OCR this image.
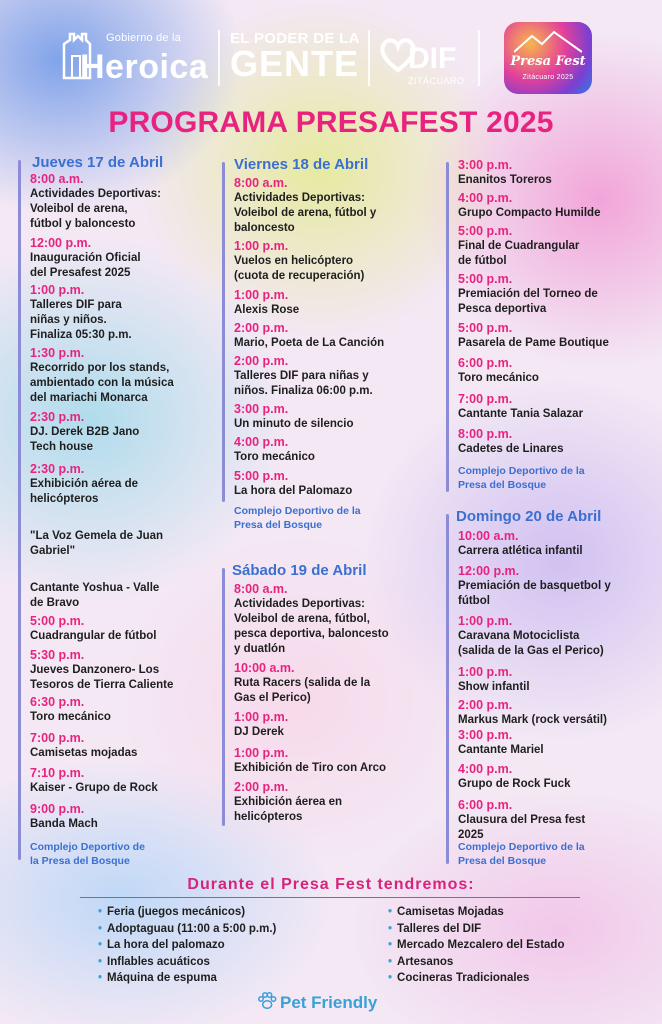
Gobierno de la
Heroica
EL PODER DE LA
GENTE DIF
ZITÁCUARO
Presa Fest
Zitácuaro 2025
PROGRAMA PRESAFEST 2025
Jueves 17 de Abril
8:00 a.m.
Actividades Deportivas:
Voleibol de arena,
fútbol y baloncesto
12:00 p.m.
Inauguración Oficial
del Presafest 2025
1:00 p.m.
Talleres DIF para
niñas y niños.
Finaliza 05:30 p.m.
1:30 p.m.
Recorrido por los stands,
ambientado con la música
del mariachi Monarca
2:30 p.m.
DJ. Derek B2B Jano
Tech house
2:30 p.m.
Exhibición aérea de
helicópteros
"La Voz Gemela de Juan
Gabriel"
Cantante Yoshua - Valle
de Bravo
5:00 p.m.
Cuadrangular de fútbol
5:30 p.m.
Jueves Danzonero- Los
Tesoros de Tierra Caliente
6:30 p.m.
Toro mecánico
7:00 p.m.
Camisetas mojadas
7:10 p.m.
Kaiser - Grupo de Rock
9:00 p.m.
Banda Mach
Complejo Deportivo de
la Presa del Bosque
Viernes 18 de Abril
8:00 a.m.
Actividades Deportivas:
Voleibol de arena, fútbol y
baloncesto
1:00 p.m.
Vuelos en helicóptero
(cuota de recuperación)
1:00 p.m.
Alexis Rose
2:00 p.m.
Mario, Poeta de La Canción
2:00 p.m.
Talleres DIF para niñas y
niños. Finaliza 06:00 p.m.
3:00 p.m.
Un minuto de silencio
4:00 p.m.
Toro mecánico
5:00 p.m.
La hora del Palomazo
Complejo Deportivo de la
Presa del Bosque
Sábado 19 de Abril
8:00 a.m.
Actividades Deportivas:
Voleibol de arena, fútbol,
pesca deportiva, baloncesto
y duatlón
10:00 a.m.
Ruta Racers (salida de la
Gas el Perico)
1:00 p.m.
DJ Derek
1:00 p.m.
Exhibición de Tiro con Arco
2:00 p.m.
Exhibición áerea en
helicópteros
3:00 p.m.
Enanitos Toreros
4:00 p.m.
Grupo Compacto Humilde
5:00 p.m.
Final de Cuadrangular
de fútbol
5:00 p.m.
Premiación del Torneo de
Pesca deportiva
5:00 p.m.
Pasarela de Pame Boutique
6:00 p.m.
Toro mecánico
7:00 p.m.
Cantante Tania Salazar
8:00 p.m.
Cadetes de Linares
Complejo Deportivo de la
Presa del Bosque
Domingo 20 de Abril
10:00 a.m.
Carrera atlética infantil
12:00 p.m.
Premiación de basquetbol y
fútbol
1:00 p.m.
Caravana Motociclista
(salida de la Gas el Perico)
1:00 p.m.
Show infantil
2:00 p.m.
Markus Mark (rock versátil)
3:00 p.m.
Cantante Mariel
4:00 p.m.
Grupo de Rock Fuck
6:00 p.m.
Clausura del Presa fest
2025
Complejo Deportivo de la
Presa del Bosque
Durante el Presa Fest tendremos:
• Feria (juegos mecánicos)
• Adoptaguau (11:00 a 5:00 p.m.)
• La hora del palomazo
• Inflables acuáticos
• Máquina de espuma
• Camisetas Mojadas
• Talleres del DIF
• Mercado Mezcalero del Estado
• Artesanos
• Cocineras Tradicionales
Pet Friendly
